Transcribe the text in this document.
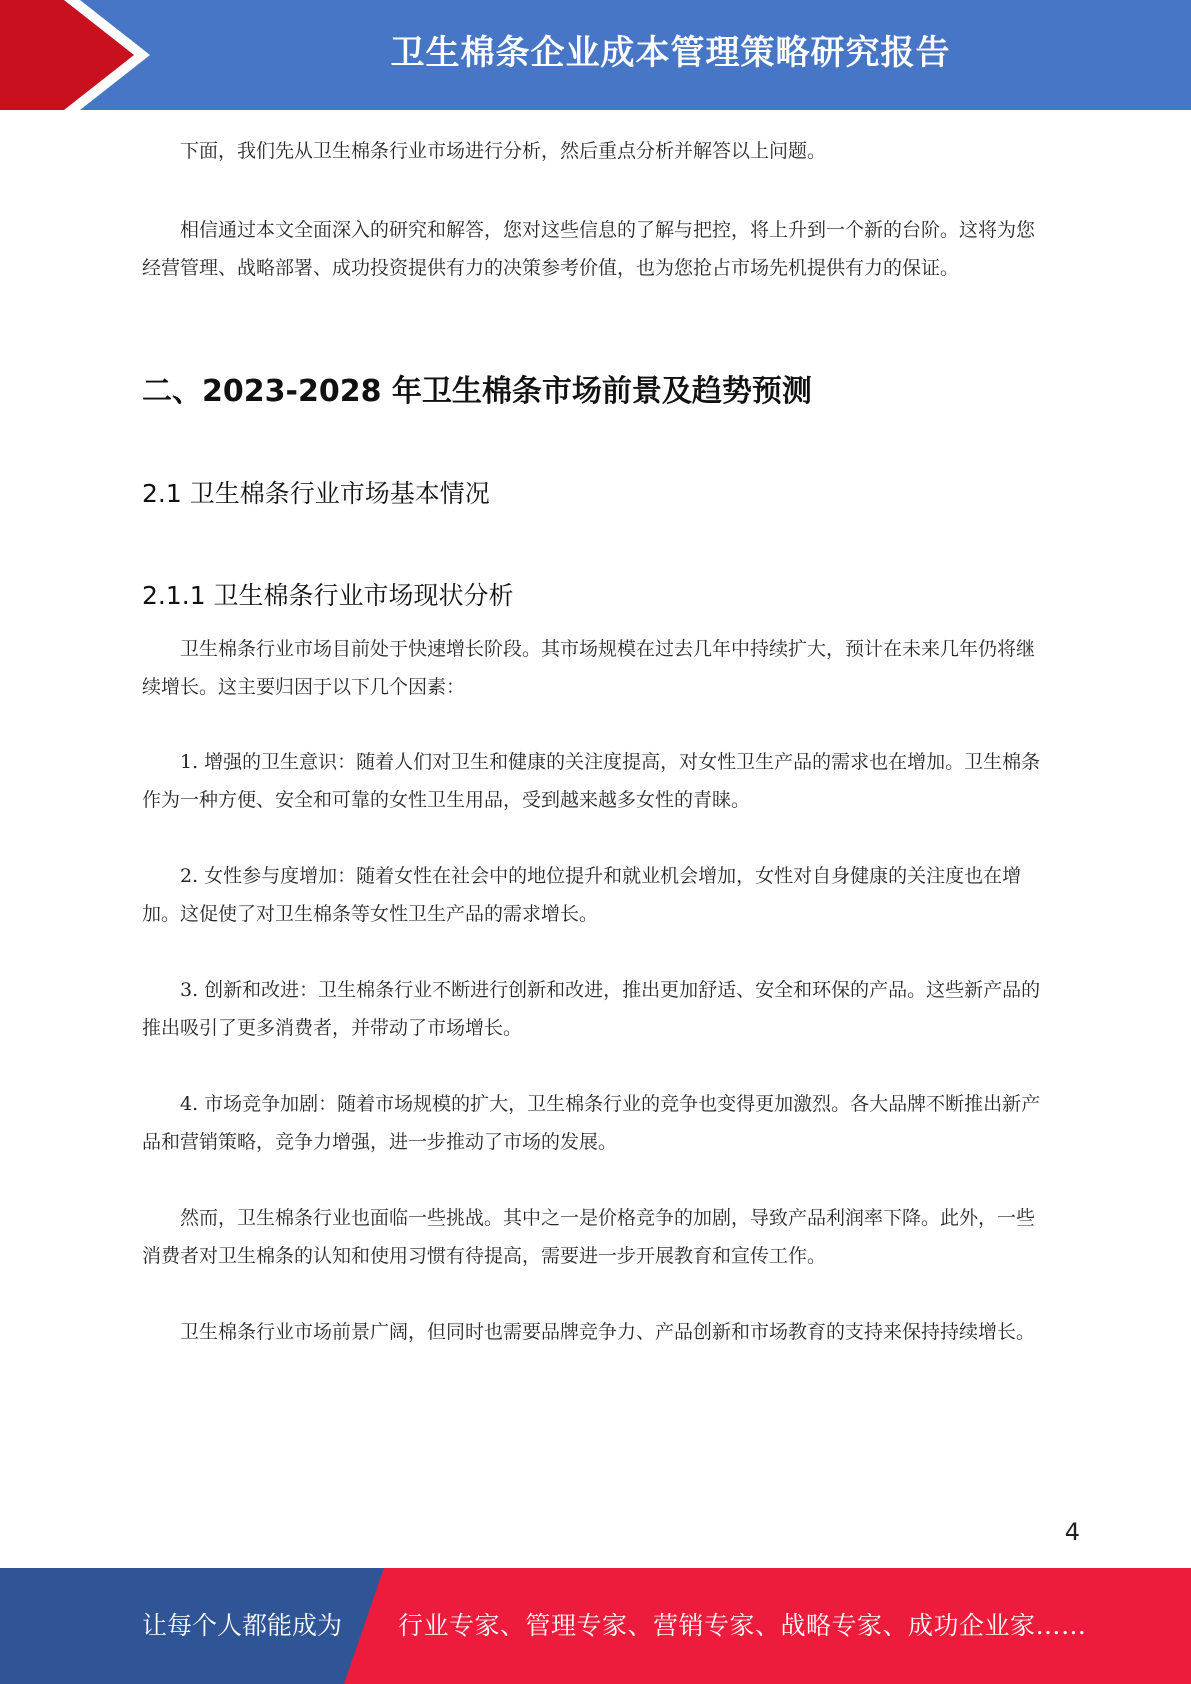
卫生棉条企业成本管理策略研究报告

下面，我们先从卫生棉条行业市场进行分析，然后重点分析并解答以上问题。

相信通过本文全面深入的研究和解答，您对这些信息的了解与把控，将上升到一个新的台阶。这将为您经营管理、战略部署、成功投资提供有力的决策参考价值，也为您抢占市场先机提供有力的保证。

二、2023-2028 年卫生棉条市场前景及趋势预测
2.1 卫生棉条行业市场基本情况
2.1.1 卫生棉条行业市场现状分析

卫生棉条行业市场目前处于快速增长阶段。其市场规模在过去几年中持续扩大，预计在未来几年仍将继续增长。这主要归因于以下几个因素：

1. 增强的卫生意识：随着人们对卫生和健康的关注度提高，对女性卫生产品的需求也在增加。卫生棉条作为一种方便、安全和可靠的女性卫生用品，受到越来越多女性的青睐。

2. 女性参与度增加：随着女性在社会中的地位提升和就业机会增加，女性对自身健康的关注度也在增加。这促使了对卫生棉条等女性卫生产品的需求增长。

3. 创新和改进：卫生棉条行业不断进行创新和改进，推出更加舒适、安全和环保的产品。这些新产品的推出吸引了更多消费者，并带动了市场增长。

4. 市场竞争加剧：随着市场规模的扩大，卫生棉条行业的竞争也变得更加激烈。各大品牌不断推出新产品和营销策略，竞争力增强，进一步推动了市场的发展。

然而，卫生棉条行业也面临一些挑战。其中之一是价格竞争的加剧，导致产品利润率下降。此外，一些消费者对卫生棉条的认知和使用习惯有待提高，需要进一步开展教育和宣传工作。

卫生棉条行业市场前景广阔，但同时也需要品牌竞争力、产品创新和市场教育的支持来保持持续增长。

4
让每个人都能成为 行业专家、管理专家、营销专家、战略专家、成功企业家……
